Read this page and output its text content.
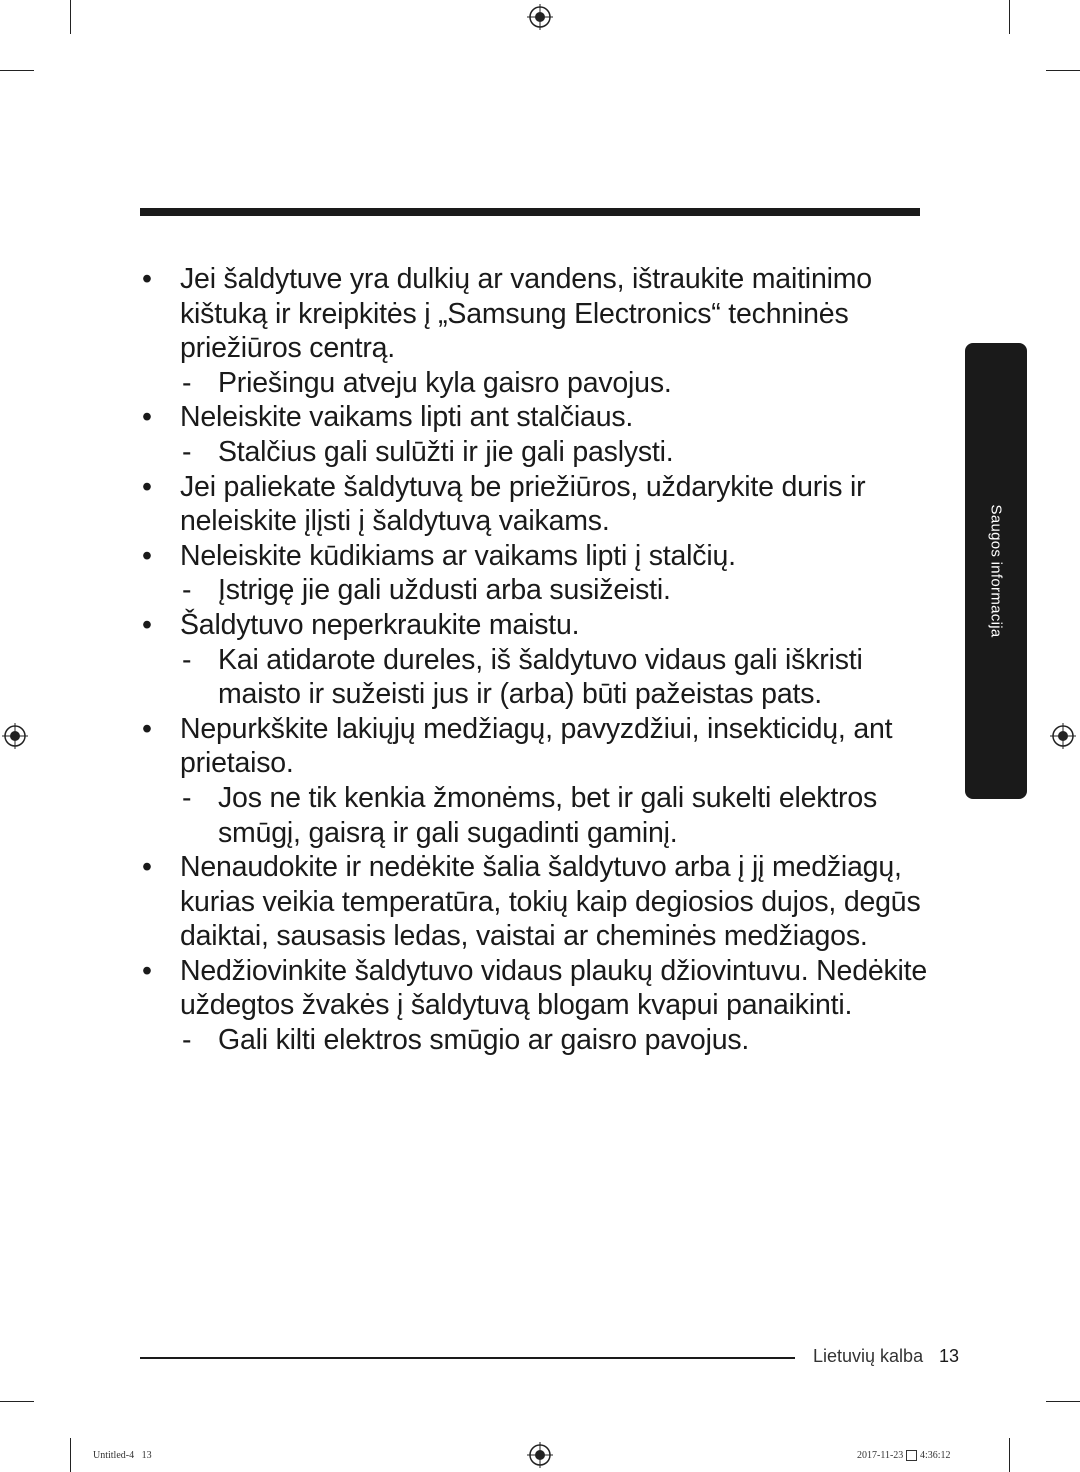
• Jei šaldytuve yra dulkių ar vandens, ištraukite maitinimo kištuką ir kreipkitės į „Samsung Electronics“ techninės priežiūros centrą.
- Priešingu atveju kyla gaisro pavojus.
• Neleiskite vaikams lipti ant stalčiaus.
- Stalčius gali sulūžti ir jie gali paslysti.
• Jei paliekate šaldytuvą be priežiūros, uždarykite duris ir neleiskite įlįsti į šaldytuvą vaikams.
• Neleiskite kūdikiams ar vaikams lipti į stalčių.
- Įstrigę jie gali uždusti arba susižeisti.
• Šaldytuvo neperkraukite maistu.
- Kai atidarote dureles, iš šaldytuvo vidaus gali iškristi maisto ir sužeisti jus ir (arba) būti pažeistas pats.
• Nepurkškite lakiųjų medžiagų, pavyzdžiui, insekticidų, ant prietaiso.
- Jos ne tik kenkia žmonėms, bet ir gali sukelti elektros smūgį, gaisrą ir gali sugadinti gaminį.
• Nenaudokite ir nedėkite šalia šaldytuvo arba į jį medžiagų, kurias veikia temperatūra, tokių kaip degiosios dujos, degūs daiktai, sausasis ledas, vaistai ar cheminės medžiagos.
• Nedžiovinkite šaldytuvo vidaus plaukų džiovintuvu. Nedėkite uždegtos žvakės į šaldytuvą blogam kvapui panaikinti.
- Gali kilti elektros smūgio ar gaisro pavojus.
Saugos informacija
Lietuvių kalba 13
Untitled-4   13	2017-11-23 4:36:12
